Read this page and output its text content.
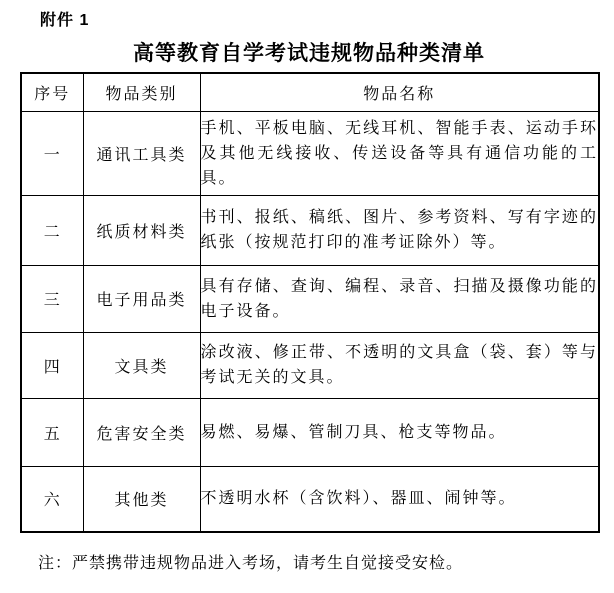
附件 1
高等教育自学考试违规物品种类清单
序号	物品类别	物品名称
一	通讯工具类	手机、平板电脑、无线耳机、智能手表、运动手环及其他无线接收、传送设备等具有通信功能的工具。
二	纸质材料类	书刊、报纸、稿纸、图片、参考资料、写有字迹的纸张（按规范打印的准考证除外）等。
三	电子用品类	具有存储、查询、编程、录音、扫描及摄像功能的电子设备。
四	文具类	涂改液、修正带、不透明的文具盒（袋、套）等与考试无关的文具。
五	危害安全类	易燃、易爆、管制刀具、枪支等物品。
六	其他类	不透明水杯（含饮料）、器皿、闹钟等。
注：严禁携带违规物品进入考场，请考生自觉接受安检。
